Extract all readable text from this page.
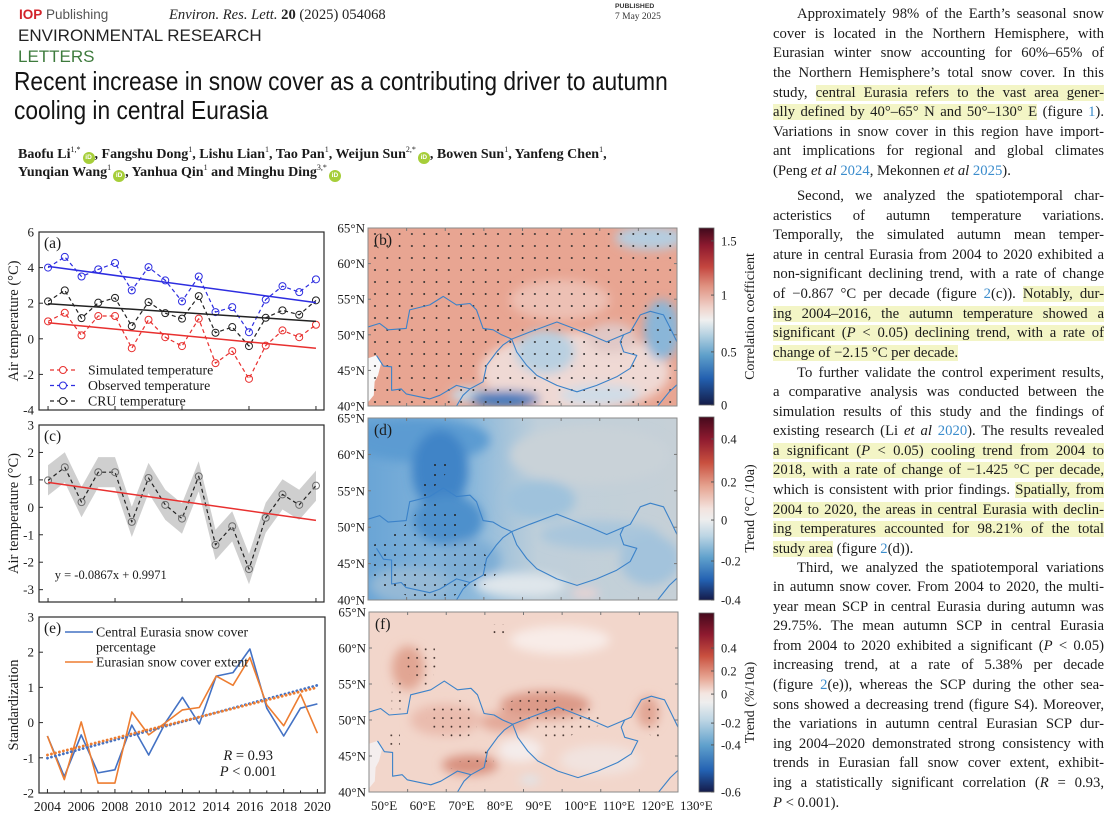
IOP Publishing	Environ. Res. Lett. 20 (2025) 054068
PUBLISHED
7 May 2025
ENVIRONMENTAL RESEARCH
LETTERS
Recent increase in snow cover as a contributing driver to autumn
cooling in central Eurasia
Baofu $Li^{1,*}iD$ , Fangshu Dong$^1$, Lishu Lian$^1$, Tao Pan$^1$, Weijun Sun$^{2,*}$iD , Bowen Sun$^1$, Yanfeng Chen$^1$,
Yunqian Wang$^1$iD , Yanhua Qin$^1$ and Minghu Ding$^{3,*}$iD
6
4
2
0
-2
-4
Air temperature (°C)
(a)
Simulated temperature
Observed temperature
CRU temperature
3
2
1
0
-1
-2
-3
Air temperature (°C)
(c)
y = -0.0867x + 0.9971
3
2
1
0
-1
-2
2004 2006 2008 2010 2012 2014 2016 2018 2020
Standardization
(e)	Central Eurasia snow cover
percentage
Eurasian snow cover extent
R = 0.93
P < 0.001
65°N
60°N
55°N
50°N
45°N
40°N
(b)	1.5
1
0.5
0
Correlation coefficient
65°N
60°N
55°N
50°N
45°N
40°N
(d)
0.4
0.2
0
-0.2
-0.4
Trend (°C /10a)
65°N
60°N
55°N
50°N
45°N
40°N
50°E 60°E 70°E 80°E 90°E 100°E 110°E 120°E 130°E
(f)
0.4
0.2
0
-0.2
-0.4
-0.6
Trend (%/10a)
Approximately 98% of the Earth’s seasonal snow
cover is located in the Northern Hemisphere, with
Eurasian winter snow accounting for 60%–65% of
the Northern Hemisphere’s total snow cover. In this
study, central Eurasia refers to the vast area gener-
ally defined by 40°–65° N and 50°–130° E (figure 1).
Variations in snow cover in this region have import-
ant implications for regional and global climates
(Peng et al 2024, Mekonnen et al 2025).
Second, we analyzed the spatiotemporal char-
acteristics of autumn temperature variations.
Temporally, the simulated autumn mean temper-
ature in central Eurasia from 2004 to 2020 exhibited a
non-significant declining trend, with a rate of change
of −0.867 °C per decade (figure 2(c)). Notably, dur-
ing 2004–2016, the autumn temperature showed a
significant (P < 0.05) declining trend, with a rate of
change of −2.15 °C per decade.
To further validate the control experiment results,
a comparative analysis was conducted between the
simulation results of this study and the findings of
existing research (Li et al 2020). The results revealed
a significant (P < 0.05) cooling trend from 2004 to
2018, with a rate of change of −1.425 °C per decade,
which is consistent with prior findings. Spatially, from
2004 to 2020, the areas in central Eurasia with declin-
ing temperatures accounted for 98.21% of the total
study area (figure 2(d)).
Third, we analyzed the spatiotemporal variations
in autumn snow cover. From 2004 to 2020, the multi-
year mean SCP in central Eurasia during autumn was
29.75%. The mean autumn SCP in central Eurasia
from 2004 to 2020 exhibited a significant (P < 0.05)
increasing trend, at a rate of 5.38% per decade
(figure 2(e)), whereas the SCP during the other sea-
sons showed a decreasing trend (figure S4). Moreover,
the variations in autumn central Eurasian SCP dur-
ing 2004–2020 demonstrated strong consistency with
trends in Eurasian fall snow cover extent, exhibit-
ing a statistically significant correlation (R = 0.93,
P < 0.001).
